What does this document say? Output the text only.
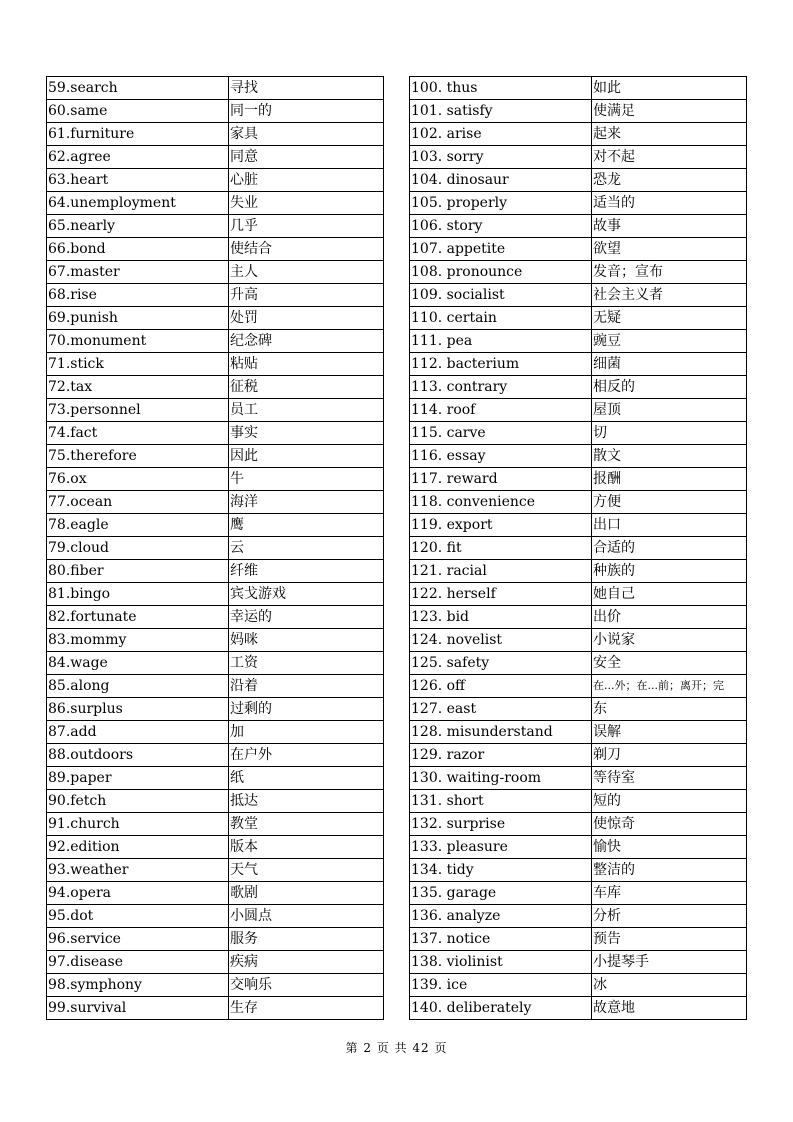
59.search	寻找
60.same	同一的
61.furniture	家具
62.agree	同意
63.heart	心脏
64.unemployment	失业
65.nearly	几乎
66.bond	使结合
67.master	主人
68.rise	升高
69.punish	处罚
70.monument	纪念碑
71.stick	粘贴
72.tax	征税
73.personnel	员工
74.fact	事实
75.therefore	因此
76.ox	牛
77.ocean	海洋
78.eagle	鹰
79.cloud	云
80.fiber	纤维
81.bingo	宾戈游戏
82.fortunate	幸运的
83.mommy	妈咪
84.wage	工资
85.along	沿着
86.surplus	过剩的
87.add	加
88.outdoors	在户外
89.paper	纸
90.fetch	抵达
91.church	教堂
92.edition	版本
93.weather	天气
94.opera	歌剧
95.dot	小圆点
96.service	服务
97.disease	疾病
98.symphony	交响乐
99.survival	生存
100. thus	如此
101. satisfy	使满足
102. arise	起来
103. sorry	对不起
104. dinosaur	恐龙
105. properly	适当的
106. story	故事
107. appetite	欲望
108. pronounce	发音；宣布
109. socialist	社会主义者
110. certain	无疑
111. pea	豌豆
112. bacterium	细菌
113. contrary	相反的
114. roof	屋顶
115. carve	切
116. essay	散文
117. reward	报酬
118. convenience	方便
119. export	出口
120. fit	合适的
121. racial	种族的
122. herself	她自己
123. bid	出价
124. novelist	小说家
125. safety	安全
126. off	在...外；在...前；离开；完
127. east	东
128. misunderstand	误解
129. razor	剃刀
130. waiting-room	等待室
131. short	短的
132. surprise	使惊奇
133. pleasure	愉快
134. tidy	整洁的
135. garage	车库
136. analyze	分析
137. notice	预告
138. violinist	小提琴手
139. ice	冰
140. deliberately	故意地
第 2 页 共 42 页
